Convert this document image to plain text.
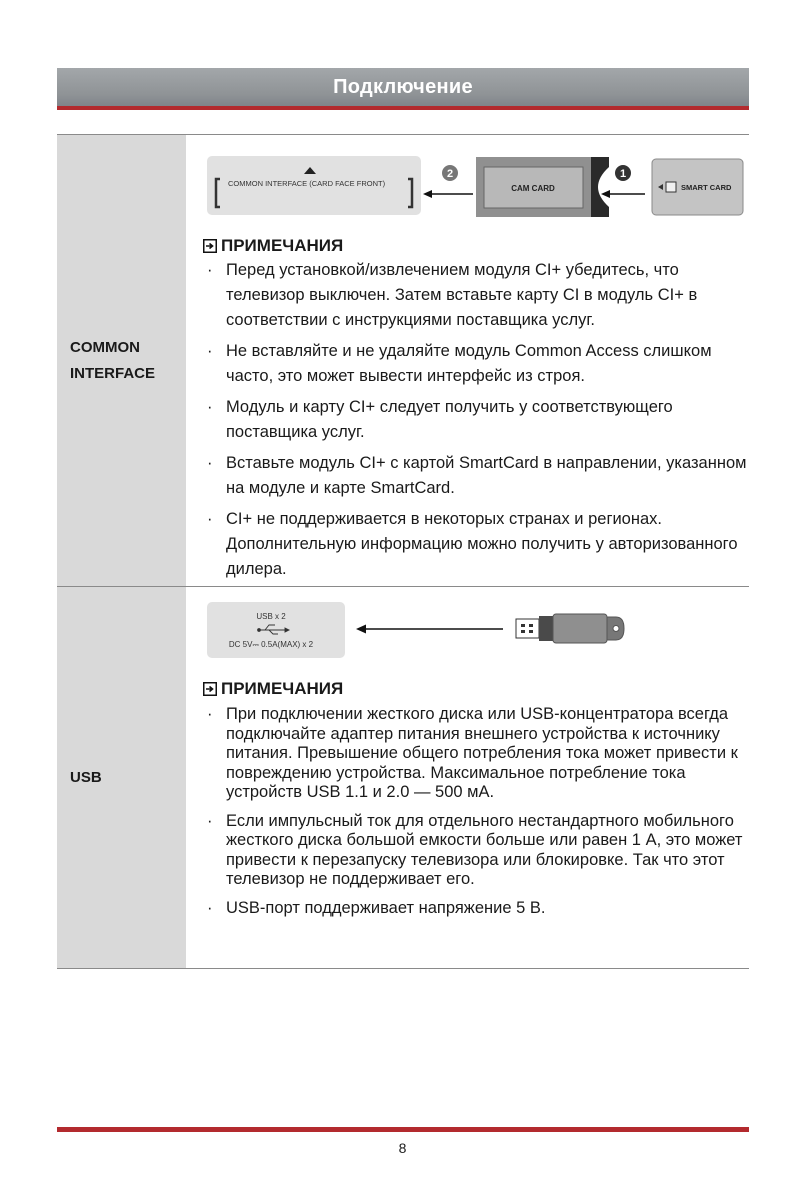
Подключение
COMMON INTERFACE
COMMON INTERFACE (CARD FACE FRONT)
2
CAM CARD
1
SMART CARD
ПРИМЕЧАНИЯ
· Перед установкой/извлечением модуля CI+ убедитесь, что телевизор выключен. Затем вставьте карту CI в модуль CI+ в соответствии с инструкциями поставщика услуг.
· Не вставляйте и не удаляйте модуль Common Access слишком часто, это может вывести интерфейс из строя.
· Модуль и карту CI+ следует получить у соответствующего поставщика услуг.
· Вставьте модуль CI+ с картой SmartCard в направлении, указанном на модуле и карте SmartCard.
· CI+ не поддерживается в некоторых странах и регионах. Дополнительную информацию можно получить у авторизованного дилера.
USB
USB x 2
DC 5V⎓ 0.5A(MAX) x 2
ПРИМЕЧАНИЯ
· При подключении жесткого диска или USB-концентратора всегда подключайте адаптер питания внешнего устройства к источнику питания. Превышение общего потребления тока может привести к повреждению устройства. Максимальное потребление тока устройств USB 1.1 и 2.0 — 500 мА.
· Если импульсный ток для отдельного нестандартного мобильного жесткого диска большой емкости больше или равен 1 А, это может привести к перезапуску телевизора или блокировке. Так что этот телевизор не поддерживает его.
· USB-порт поддерживает напряжение 5 В.
8
